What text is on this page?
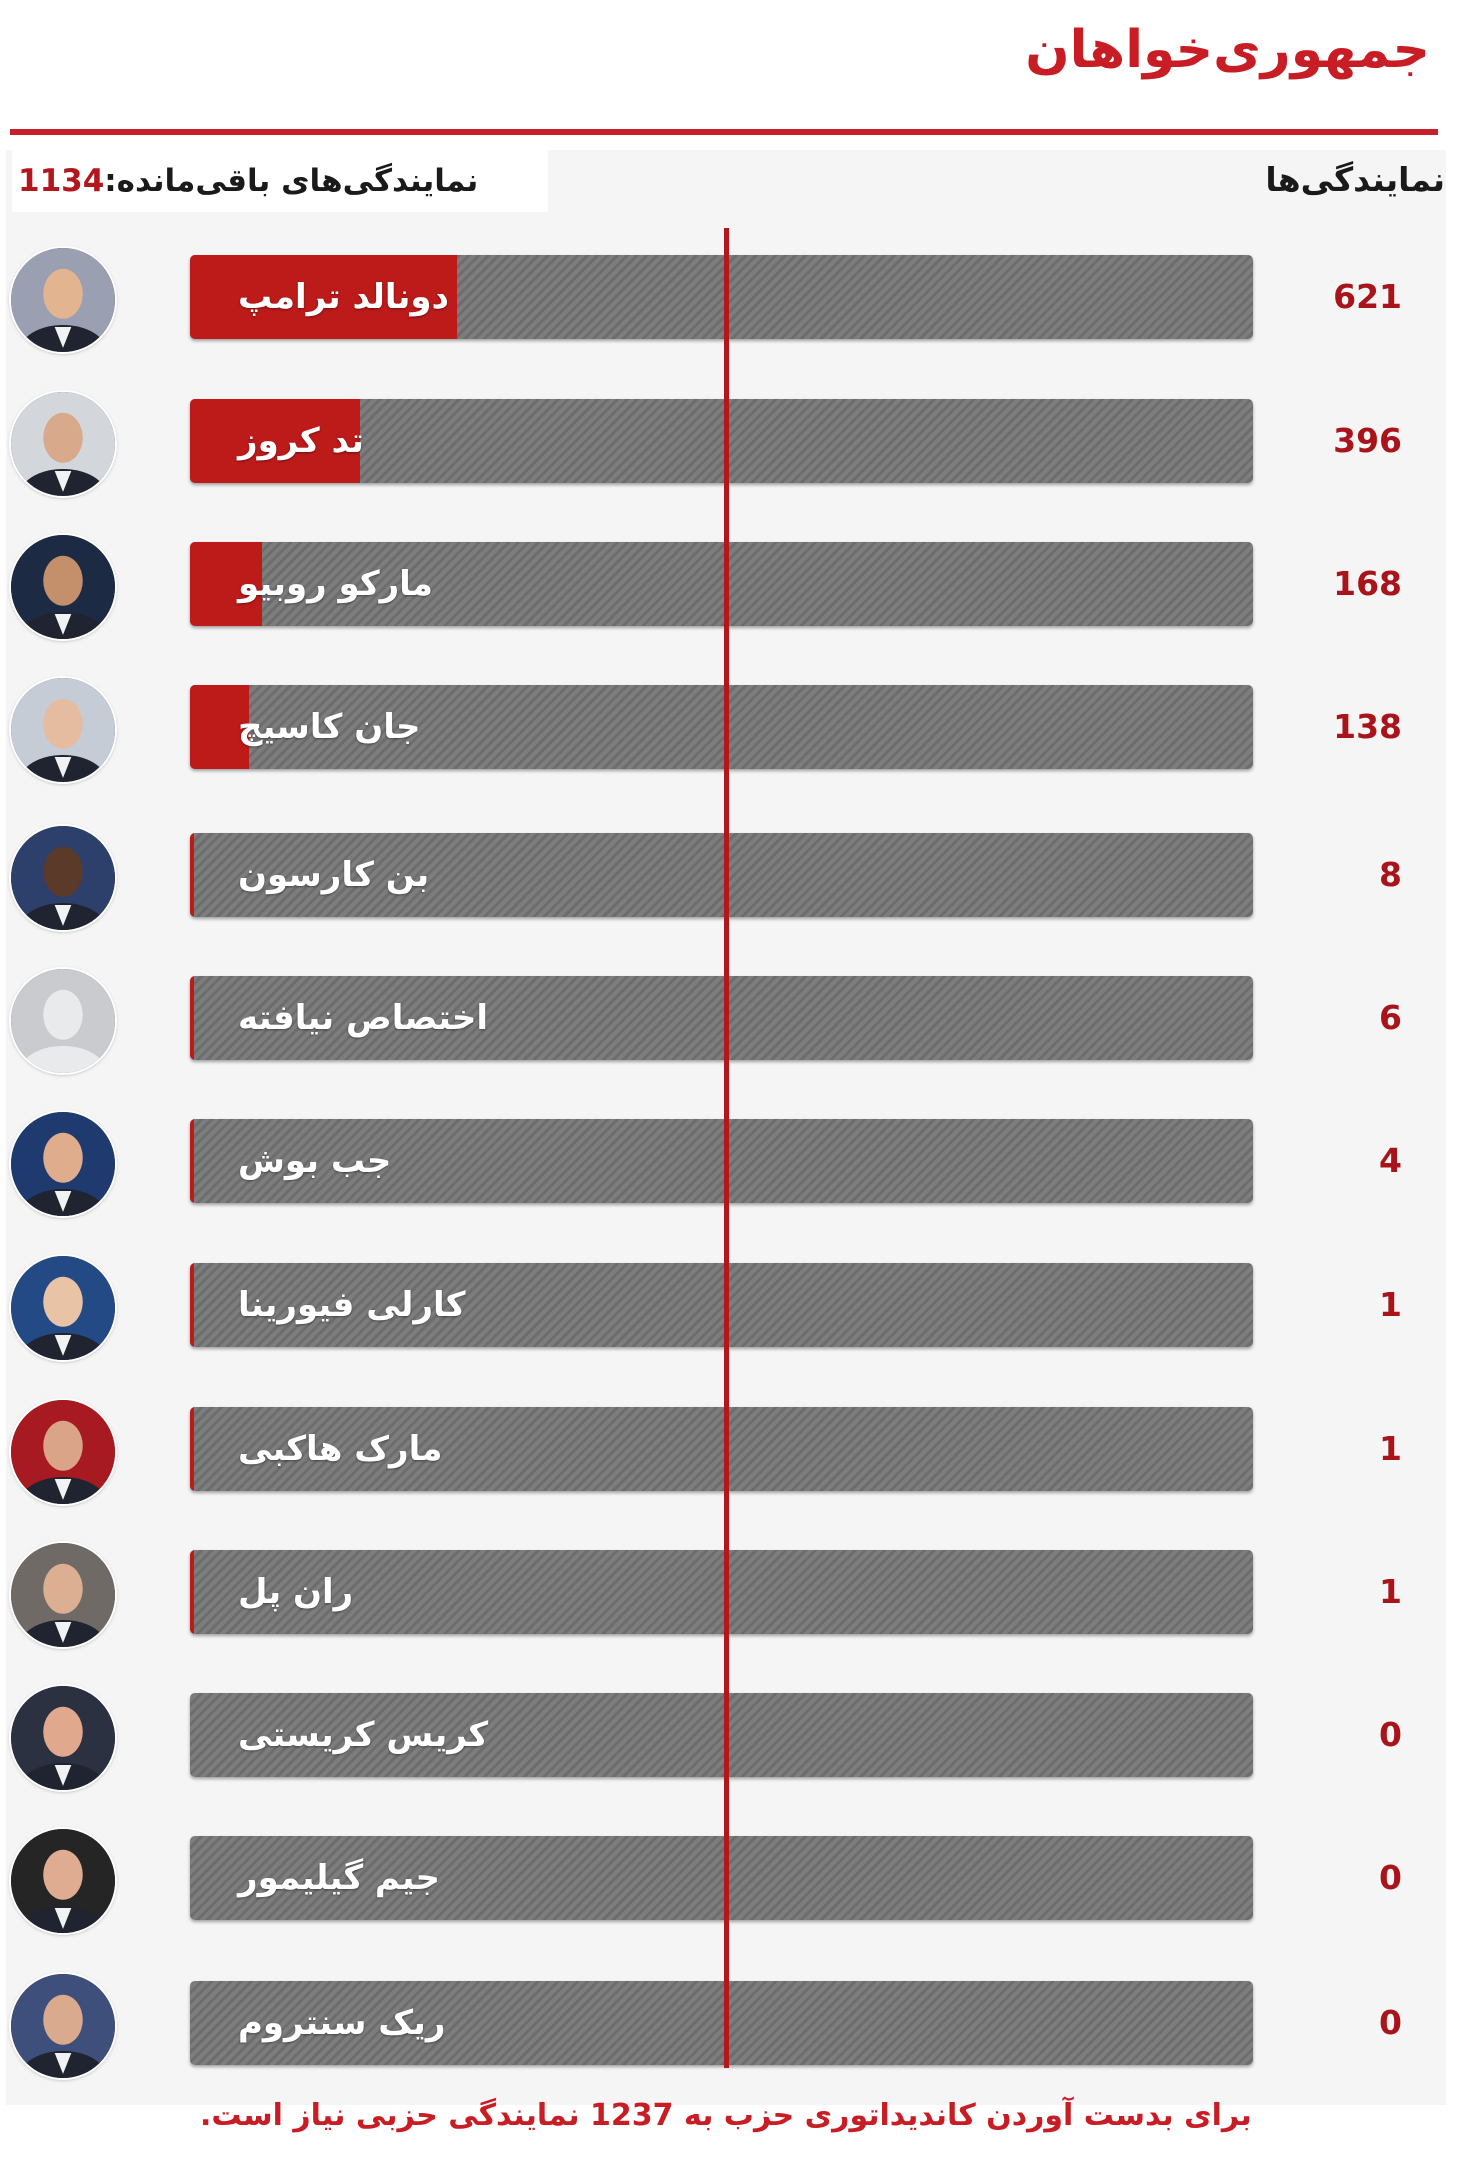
جمهوری‌خواهان
1134 نمایندگی‌های باقی‌مانده:	نمایندگی‌ها
دونالد ترامپ	621
تد کروز	396
مارکو روبیو	168
جان کاسیچ	138
بن کارسون	8
اختصاص نیافته	6
جب بوش	4
کارلی فیورینا	1
مارک هاکبی	1
ران پل	1
کریس کریستی	0
جیم گیلیمور	0
ریک سنتروم	0
برای بدست آوردن کاندیداتوری حزب به 1237 نمایندگی حزبی نیاز است.
